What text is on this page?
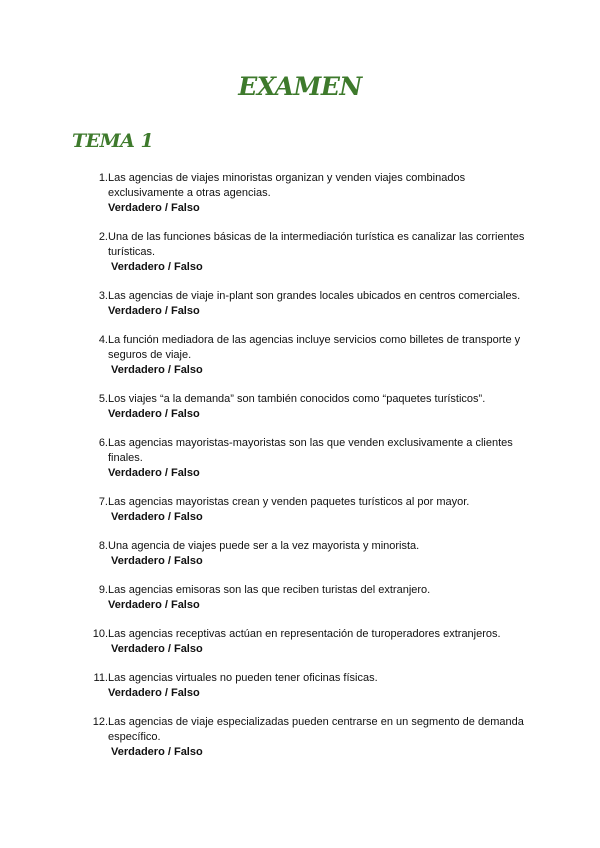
EXAMEN
TEMA 1
1. Las agencias de viajes minoristas organizan y venden viajes combinados exclusivamente a otras agencias.
Verdadero / Falso
2. Una de las funciones básicas de la intermediación turística es canalizar las corrientes turísticas.
Verdadero / Falso
3. Las agencias de viaje in-plant son grandes locales ubicados en centros comerciales.
Verdadero / Falso
4. La función mediadora de las agencias incluye servicios como billetes de transporte y seguros de viaje.
Verdadero / Falso
5. Los viajes “a la demanda” son también conocidos como “paquetes turísticos”.
Verdadero / Falso
6. Las agencias mayoristas-mayoristas son las que venden exclusivamente a clientes finales.
Verdadero / Falso
7. Las agencias mayoristas crean y venden paquetes turísticos al por mayor.
Verdadero / Falso
8. Una agencia de viajes puede ser a la vez mayorista y minorista.
Verdadero / Falso
9. Las agencias emisoras son las que reciben turistas del extranjero.
Verdadero / Falso
10. Las agencias receptivas actúan en representación de turoperadores extranjeros.
Verdadero / Falso
11. Las agencias virtuales no pueden tener oficinas físicas.
Verdadero / Falso
12. Las agencias de viaje especializadas pueden centrarse en un segmento de demanda específico.
Verdadero / Falso
